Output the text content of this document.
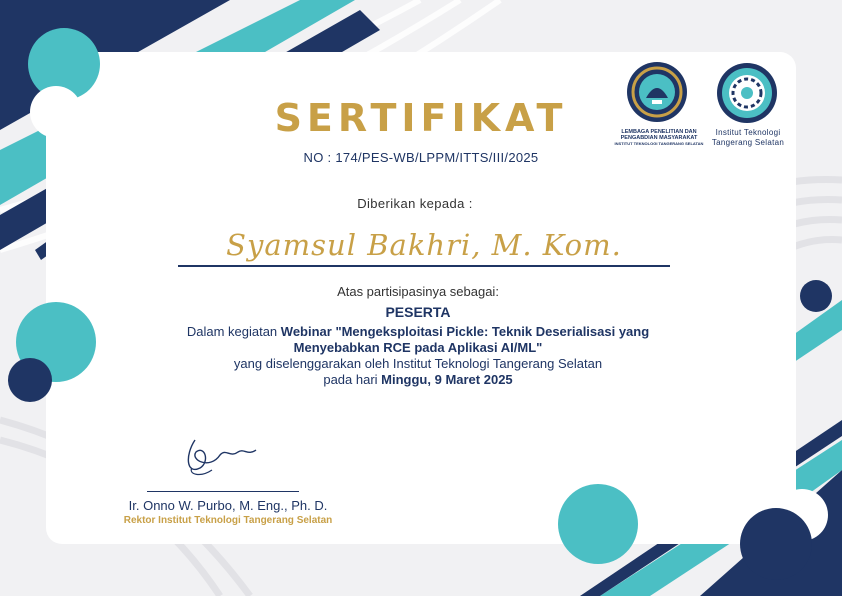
LEMBAGA PENELITIAN DAN
PENGABDIAN MASYARAKAT
INSTITUT TEKNOLOGI TANGERANG SELATAN
Institut Teknologi
Tangerang Selatan
SERTIFIKAT
NO : 174/PES-WB/LPPM/ITTS/III/2025
Diberikan kepada :
Syamsul Bakhri, M. Kom.
Atas partisipasinya sebagai:
PESERTA
Dalam kegiatan Webinar "Mengeksploitasi Pickle: Teknik Deserialisasi yang Menyebabkan RCE pada Aplikasi AI/ML"
yang diselenggarakan oleh Institut Teknologi Tangerang Selatan
pada hari Minggu, 9 Maret 2025
Ir. Onno W. Purbo, M. Eng., Ph. D.
Rektor Institut Teknologi Tangerang Selatan
